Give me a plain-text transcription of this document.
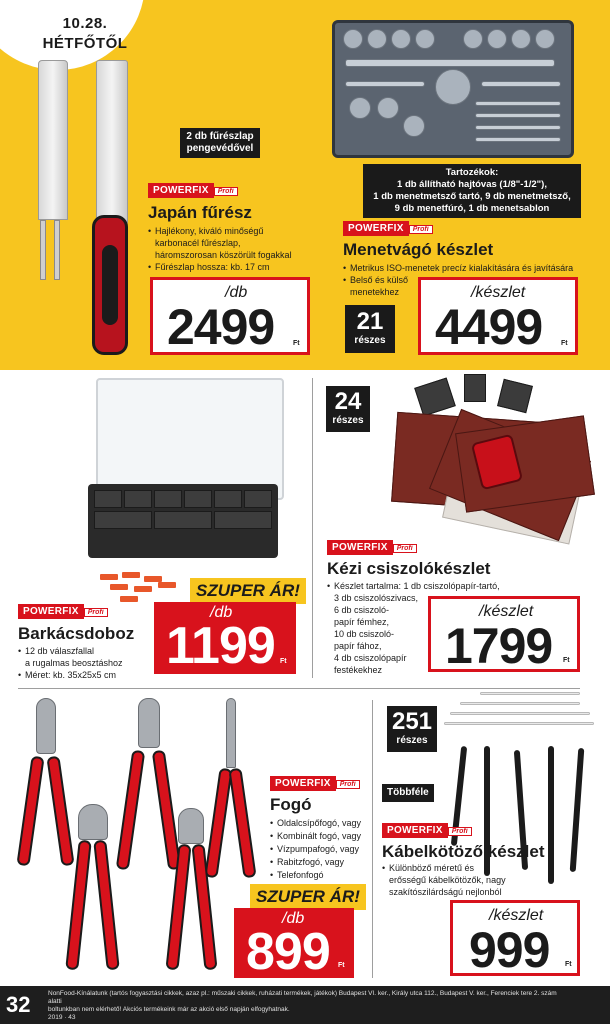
10.28.
HÉTFŐTŐL
2 db fűrészlap
pengevédővel
Tartozékok:
1 db állítható hajtóvas (1/8"-1/2"),
1 db menetmetsző tartó, 9 db menetmetsző,
9 db menetfúró, 1 db menetsablon
POWERFIX Profi
Japán fűrész
• Hajlékony, kiváló minőségű
karbonacél fűrészlap,
háromszorosan köszörült fogakkal
• Fűrészlap hossza: kb. 17 cm
/db
2499	Ft
POWERFIX Profi
Menetvágó készlet
• Metrikus ISO-menetek precíz kialakítására és javítására
• Belső és külső
menetekhez
21
részes
/készlet
4499	Ft
SZUPER ÁR!
POWERFIX Profi
Barkácsdoboz
• 12 db válaszfallal
a rugalmas beosztáshoz
• Méret: kb. 35x25x5 cm
/db
1199 Ft
24
részes
POWERFIX Profi
Kézi csiszolókészlet
• Készlet tartalma: 1 db csiszolópapír-tartó,
3 db csiszolószivacs,
6 db csiszoló-
papír fémhez,
10 db csiszoló-
papír fához,
4 db csiszolópapír
festékekhez
/készlet
1799 Ft
POWERFIX Profi
Fogó
• Oldalcsípőfogó, vagy
• Kombinált fogó, vagy
• Vízpumpafogó, vagy
• Rabitzfogó, vagy
• Telefonfogó
SZUPER ÁR!
/db
899 Ft
251
részes
Többféle
POWERFIX Profi
Kábelkötöző készlet
• Különböző méretű és
erősségű kábelkötözők, nagy
szakítószilárdságú nejlonból
/készlet
999 Ft
32	NonFood-Kínálatunk (tartós fogyasztási cikkek, azaz pl.: műszaki cikkek, ruházati termékek, játékok) Budapest VI. ker., Király utca 112., Budapest V. ker., Ferenciek tere 2. szám alatti
boltunkban nem elérhető! Akciós termékeink már az akció első napján elfogyhatnak.
2019 · 43
